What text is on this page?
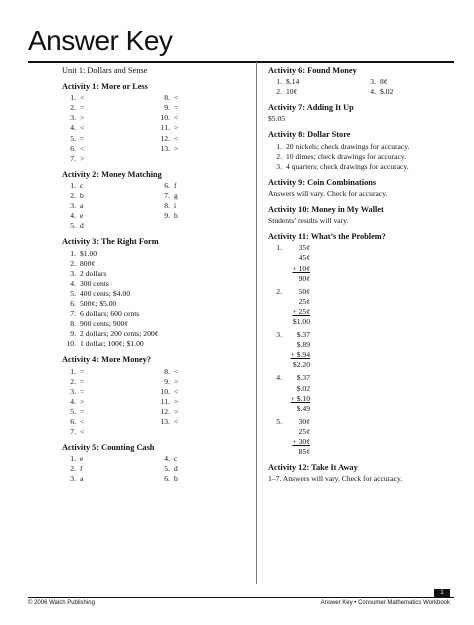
Answer Key
Unit 1: Dollars and Sense
Activity 1: More or Less
1. <
2. =
3. >
4. <
5. =
6. <
7. >
8. <
9. =
10. <
11. >
12. <
13. >
Activity 2: Money Matching
1. c
2. b
3. a
4. e
5. d
6. f
7. g
8. i
9. h
Activity 3: The Right Form
1. $1.00
2. 800¢
3. 2 dollars
4. 300 cents
5. 400 cents; $4.00
6. 500¢; $5.00
7. 6 dollars; 600 cents
8. 900 cents; 900¢
9. 2 dollars; 200 cents; 200¢
10. 1 dollar; 100¢; $1.00
Activity 4: More Money?
1. =
2. =
3. =
4. >
5. =
6. <
7. <
8. <
9. >
10. <
11. >
12. >
13. <
Activity 5: Counting Cash
1. e
2. f
3. a
4. c
5. d
6. b
Activity 6: Found Money
1. $.14
2. 10¢
3. 8¢
4. $.02
Activity 7: Adding It Up
$5.05
Activity 8: Dollar Store
1. 20 nickels; check drawings for accuracy.
2. 10 dimes; check drawings for accuracy.
3. 4 quarters; check drawings for accuracy.
Activity 9: Coin Combinations
Answers will vary. Check for accuracy.
Activity 10: Money in My Wallet
Students’ results will vary.
Activity 11: What’s the Problem?
1.	35¢
45¢
+ 10¢
90¢
2.	50¢
25¢
+ 25¢
$1.00
3.	$.37
$.89
+ $.94
$2.20
4.	$.37
$.02
+ $.10
$.49
5.	30¢
25¢
+ 30¢
85¢
Activity 12: Take It Away
1–7. Answers will vary. Check for accuracy.
1
© 2006 Walch Publishing	Answer Key • Consumer Mathematics Workbook
